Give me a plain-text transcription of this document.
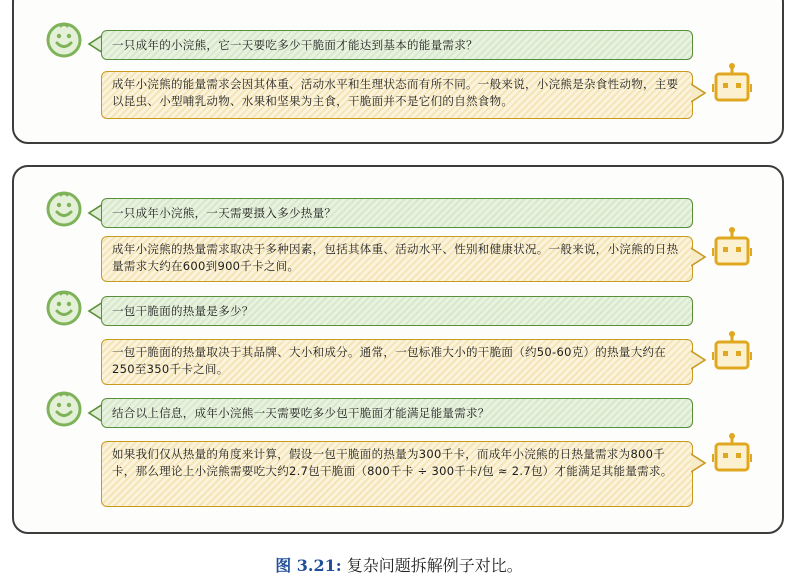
一只成年的小浣熊，它一天要吃多少干脆面才能达到基本的能量需求？
成年小浣熊的能量需求会因其体重、活动水平和生理状态而有所不同。一般来说，小浣熊是杂食性动物，主要以昆虫、小型哺乳动物、水果和坚果为主食，干脆面并不是它们的自然食物。
一只成年小浣熊，一天需要摄入多少热量？
成年小浣熊的热量需求取决于多种因素，包括其体重、活动水平、性别和健康状况。一般来说，小浣熊的日热量需求大约在600到900千卡之间。
一包干脆面的热量是多少？
一包干脆面的热量取决于其品牌、大小和成分。通常，一包标准大小的干脆面（约50-60克）的热量大约在250至350千卡之间。
结合以上信息，成年小浣熊一天需要吃多少包干脆面才能满足能量需求？
如果我们仅从热量的角度来计算，假设一包干脆面的热量为300千卡，而成年小浣熊的日热量需求为800千卡，那么理论上小浣熊需要吃大约2.7包干脆面（800千卡 ÷ 300千卡/包 ≈ 2.7包）才能满足其能量需求。
图 3.21: 复杂问题拆解例子对比。
